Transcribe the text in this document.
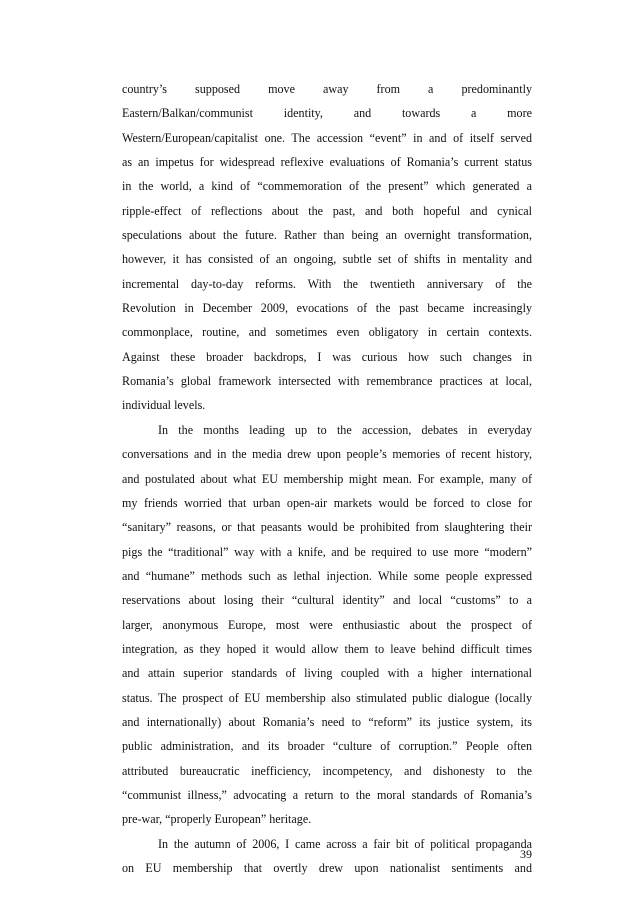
country’s supposed move away from a predominantly
Eastern/Balkan/communist identity, and towards a more
Western/European/capitalist one. The accession “event” in and of itself served
as an impetus for widespread reflexive evaluations of Romania’s current status
in the world, a kind of “commemoration of the present” which generated a
ripple-effect of reflections about the past, and both hopeful and cynical
speculations about the future. Rather than being an overnight transformation,
however, it has consisted of an ongoing, subtle set of shifts in mentality and
incremental day-to-day reforms. With the twentieth anniversary of the
Revolution in December 2009, evocations of the past became increasingly
commonplace, routine, and sometimes even obligatory in certain contexts.
Against these broader backdrops, I was curious how such changes in
Romania’s global framework intersected with remembrance practices at local,
individual levels.
In the months leading up to the accession, debates in everyday
conversations and in the media drew upon people’s memories of recent history,
and postulated about what EU membership might mean. For example, many of
my friends worried that urban open-air markets would be forced to close for
“sanitary” reasons, or that peasants would be prohibited from slaughtering their
pigs the “traditional” way with a knife, and be required to use more “modern”
and “humane” methods such as lethal injection. While some people expressed
reservations about losing their “cultural identity” and local “customs” to a
larger, anonymous Europe, most were enthusiastic about the prospect of
integration, as they hoped it would allow them to leave behind difficult times
and attain superior standards of living coupled with a higher international
status. The prospect of EU membership also stimulated public dialogue (locally
and internationally) about Romania’s need to “reform” its justice system, its
public administration, and its broader “culture of corruption.” People often
attributed bureaucratic inefficiency, incompetency, and dishonesty to the
“communist illness,” advocating a return to the moral standards of Romania’s
pre-war, “properly European” heritage.
In the autumn of 2006, I came across a fair bit of political propaganda
on EU membership that overtly drew upon nationalist sentiments and
39
